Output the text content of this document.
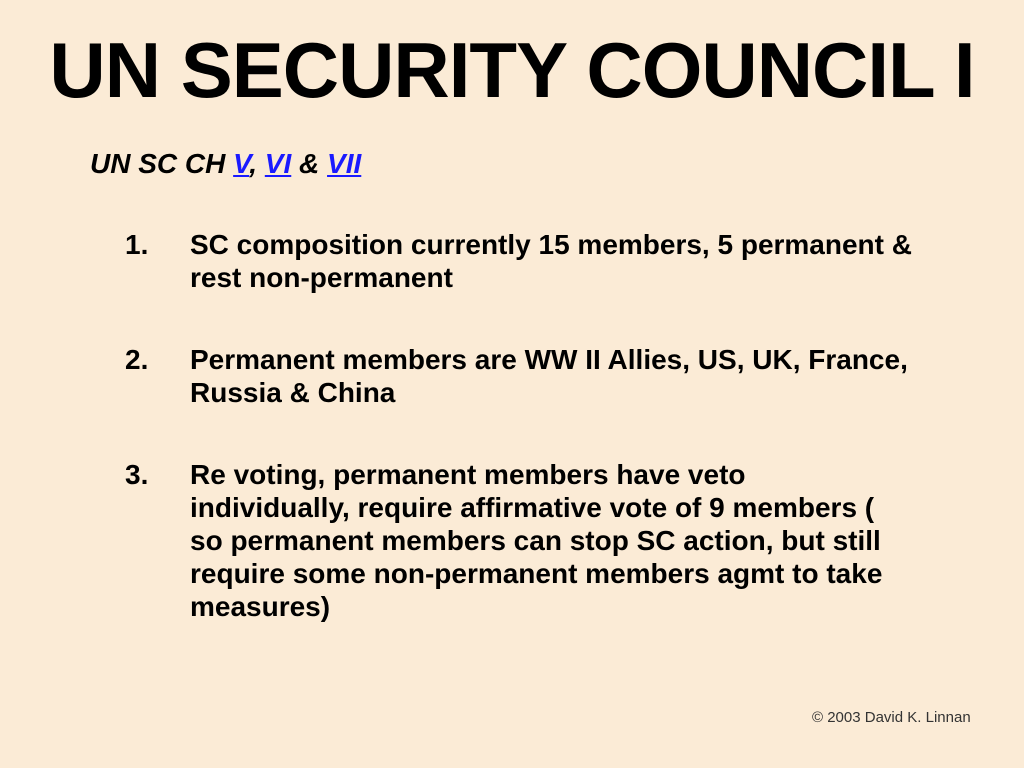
UN SECURITY COUNCIL I
UN SC CH V, VI & VII
1. SC composition currently 15 members, 5 permanent & rest non-permanent
2. Permanent members are WW II Allies, US, UK, France, Russia & China
3. Re voting, permanent members have veto individually, require affirmative vote of 9 members ( so permanent members can stop SC action, but still require some non-permanent members agmt to take measures)
© 2003 David K. Linnan
